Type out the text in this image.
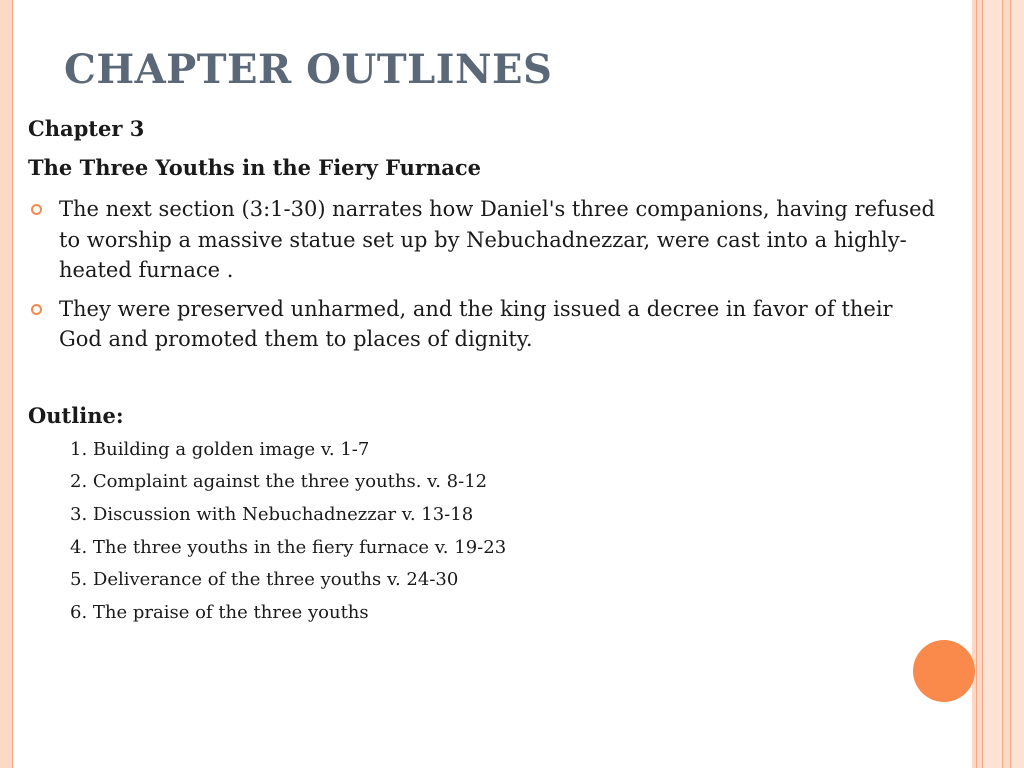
CHAPTER OUTLINES
Chapter 3
The Three Youths in the Fiery Furnace
The next section (3:1-30) narrates how Daniel's three companions, having refused to worship a massive statue set up by Nebuchadnezzar, were cast into a highly-heated furnace .
They were preserved unharmed, and the king issued a decree in favor of their God and promoted them to places of dignity.
Outline:
1. Building a golden image v. 1-7
2. Complaint against the three youths. v. 8-12
3. Discussion with Nebuchadnezzar v. 13-18
4. The three youths in the fiery furnace v. 19-23
5. Deliverance of the three youths v. 24-30
6. The praise of the three youths
